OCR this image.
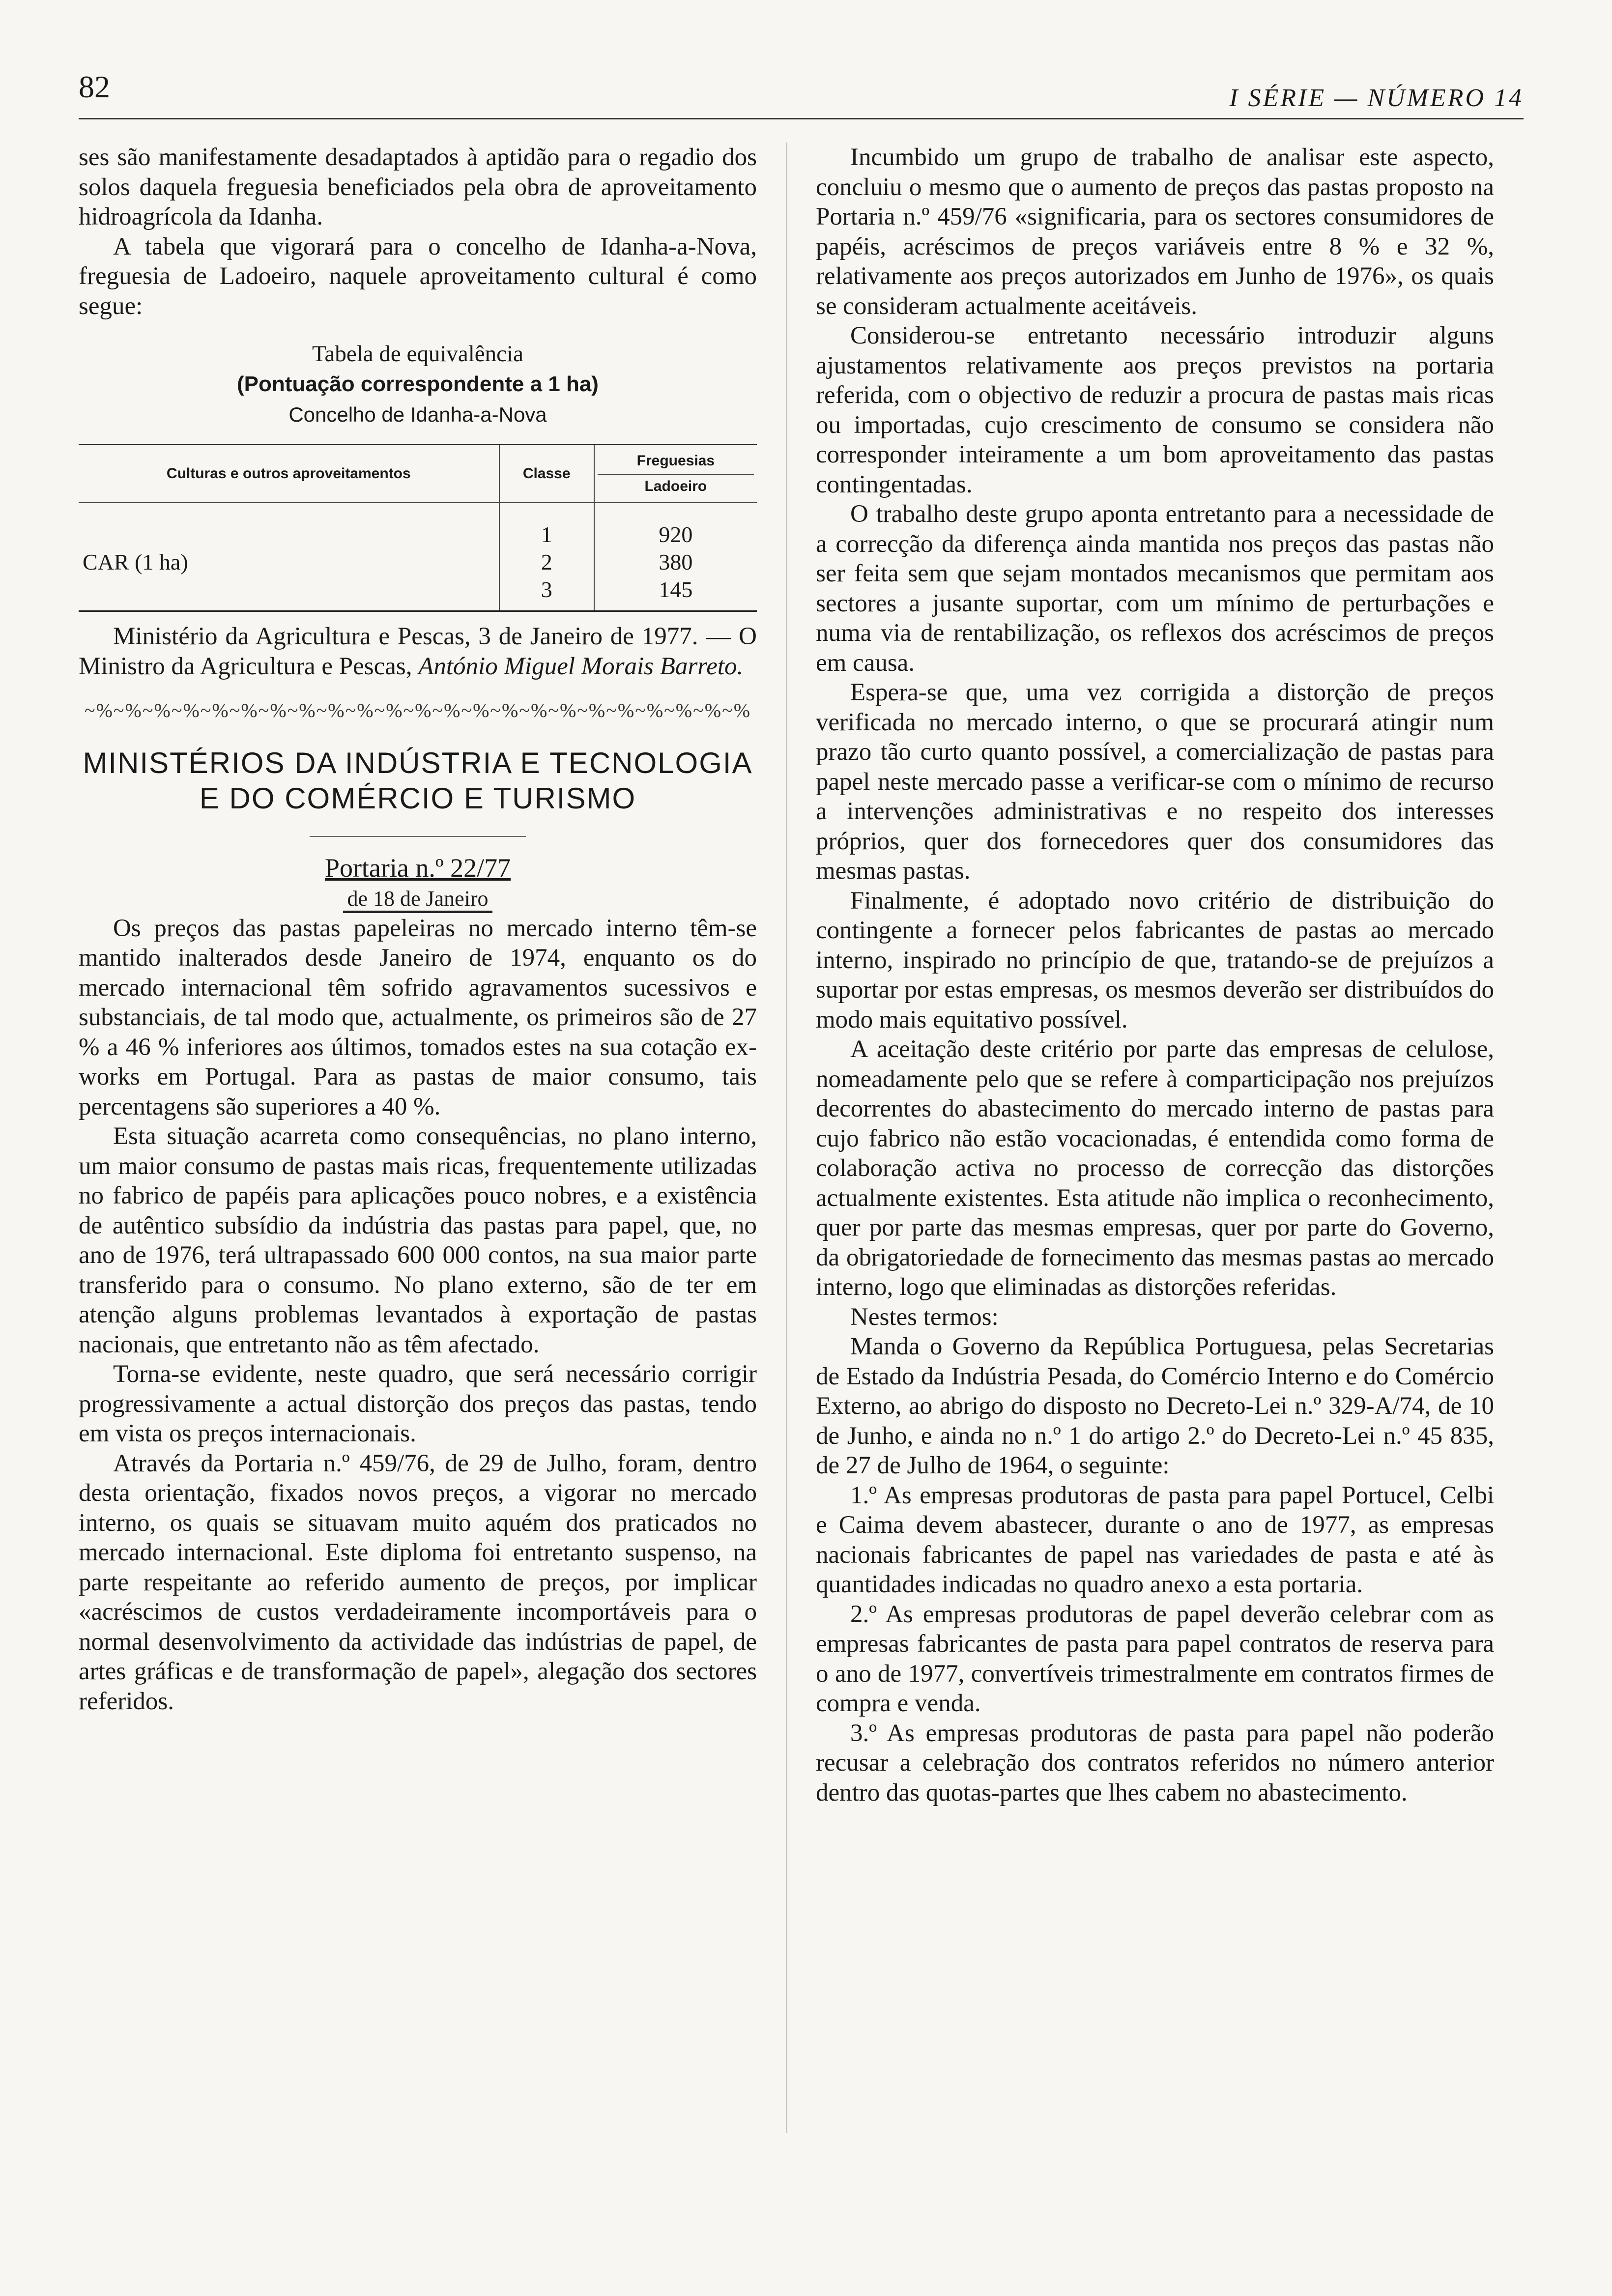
82	I SÉRIE — NÚMERO 14

ses são manifestamente desadaptados à aptidão para o regadio dos solos daquela freguesia beneficiados pela obra de aproveitamento hidroagrícola da Idanha.

A tabela que vigorará para o concelho de Idanha-a-Nova, freguesia de Ladoeiro, naquele aproveitamento cultural é como segue:

Tabela de equivalência
(Pontuação correspondente a 1 ha)
Concelho de Idanha-a-Nova
Culturas e outros aproveitamentos	Classe	Freguesias
Ladoeiro

	1	920
CAR (1 ha)	2	380
	3	145

Ministério da Agricultura e Pescas, 3 de Janeiro de 1977. — O Ministro da Agricultura e Pescas, António Miguel Morais Barreto.

~%~%~%~%~%~%~%~%~%~%~%~%~%~%~%~%~%~%~%~%~%~%~%
MINISTÉRIOS DA INDÚSTRIA E TECNOLOGIA
E DO COMÉRCIO E TURISMO
Portaria n.º 22/77
de 18 de Janeiro

Os preços das pastas papeleiras no mercado interno têm-se mantido inalterados desde Janeiro de 1974, enquanto os do mercado internacional têm sofrido agravamentos sucessivos e substanciais, de tal modo que, actualmente, os primeiros são de 27 % a 46 % inferiores aos últimos, tomados estes na sua cotação ex-works em Portugal. Para as pastas de maior consumo, tais percentagens são superiores a 40 %.

Esta situação acarreta como consequências, no plano interno, um maior consumo de pastas mais ricas, frequentemente utilizadas no fabrico de papéis para aplicações pouco nobres, e a existência de autêntico subsídio da indústria das pastas para papel, que, no ano de 1976, terá ultrapassado 600 000 contos, na sua maior parte transferido para o consumo. No plano externo, são de ter em atenção alguns problemas levantados à exportação de pastas nacionais, que entretanto não as têm afectado.

Torna-se evidente, neste quadro, que será necessário corrigir progressivamente a actual distorção dos preços das pastas, tendo em vista os preços internacionais.

Através da Portaria n.º 459/76, de 29 de Julho, foram, dentro desta orientação, fixados novos preços, a vigorar no mercado interno, os quais se situavam muito aquém dos praticados no mercado internacional. Este diploma foi entretanto suspenso, na parte respeitante ao referido aumento de preços, por implicar «acréscimos de custos verdadeiramente incomportáveis para o normal desenvolvimento da actividade das indústrias de papel, de artes gráficas e de transformação de papel», alegação dos sectores referidos.

Incumbido um grupo de trabalho de analisar este aspecto, concluiu o mesmo que o aumento de preços das pastas proposto na Portaria n.º 459/76 «significaria, para os sectores consumidores de papéis, acréscimos de preços variáveis entre 8 % e 32 %, relativamente aos preços autorizados em Junho de 1976», os quais se consideram actualmente aceitáveis.

Considerou-se entretanto necessário introduzir alguns ajustamentos relativamente aos preços previstos na portaria referida, com o objectivo de reduzir a procura de pastas mais ricas ou importadas, cujo crescimento de consumo se considera não corresponder inteiramente a um bom aproveitamento das pastas contingentadas.

O trabalho deste grupo aponta entretanto para a necessidade de a correcção da diferença ainda mantida nos preços das pastas não ser feita sem que sejam montados mecanismos que permitam aos sectores a jusante suportar, com um mínimo de perturbações e numa via de rentabilização, os reflexos dos acréscimos de preços em causa.

Espera-se que, uma vez corrigida a distorção de preços verificada no mercado interno, o que se procurará atingir num prazo tão curto quanto possível, a comercialização de pastas para papel neste mercado passe a verificar-se com o mínimo de recurso a intervenções administrativas e no respeito dos interesses próprios, quer dos fornecedores quer dos consumidores das mesmas pastas.

Finalmente, é adoptado novo critério de distribuição do contingente a fornecer pelos fabricantes de pastas ao mercado interno, inspirado no princípio de que, tratando-se de prejuízos a suportar por estas empresas, os mesmos deverão ser distribuídos do modo mais equitativo possível.

A aceitação deste critério por parte das empresas de celulose, nomeadamente pelo que se refere à comparticipação nos prejuízos decorrentes do abastecimento do mercado interno de pastas para cujo fabrico não estão vocacionadas, é entendida como forma de colaboração activa no processo de correcção das distorções actualmente existentes. Esta atitude não implica o reconhecimento, quer por parte das mesmas empresas, quer por parte do Governo, da obrigatoriedade de fornecimento das mesmas pastas ao mercado interno, logo que eliminadas as distorções referidas.

Nestes termos:

Manda o Governo da República Portuguesa, pelas Secretarias de Estado da Indústria Pesada, do Comércio Interno e do Comércio Externo, ao abrigo do disposto no Decreto-Lei n.º 329-A/74, de 10 de Junho, e ainda no n.º 1 do artigo 2.º do Decreto-Lei n.º 45 835, de 27 de Julho de 1964, o seguinte:

1.º As empresas produtoras de pasta para papel Portucel, Celbi e Caima devem abastecer, durante o ano de 1977, as empresas nacionais fabricantes de papel nas variedades de pasta e até às quantidades indicadas no quadro anexo a esta portaria.

2.º As empresas produtoras de papel deverão celebrar com as empresas fabricantes de pasta para papel contratos de reserva para o ano de 1977, convertíveis trimestralmente em contratos firmes de compra e venda.

3.º As empresas produtoras de pasta para papel não poderão recusar a celebração dos contratos referidos no número anterior dentro das quotas-partes que lhes cabem no abastecimento.
